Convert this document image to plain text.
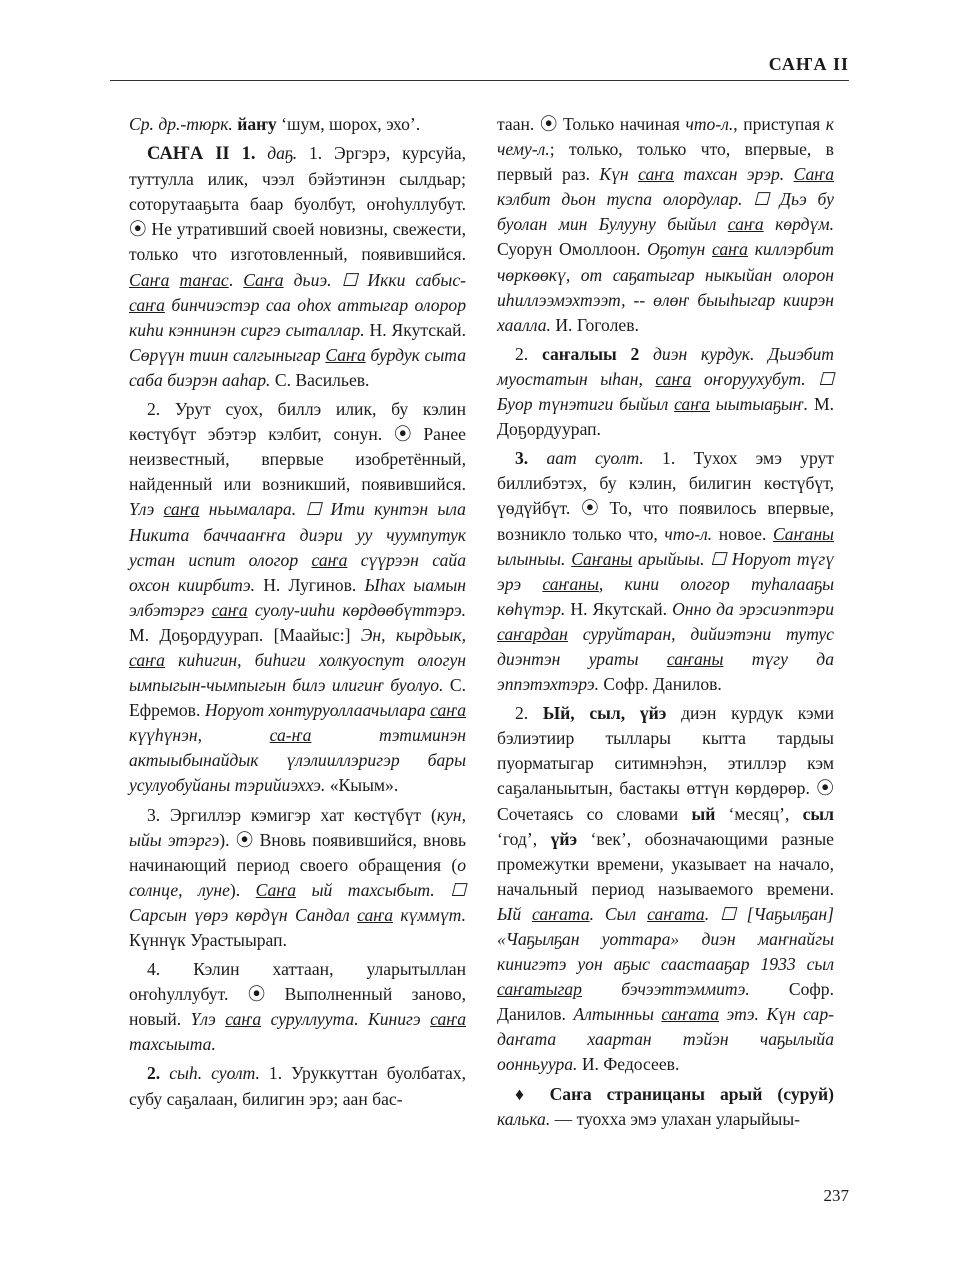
САҤА II

Ср. др.-тюрк. йаҥу ‘шум, шорох, эхо’.

САҤА II 1. даҕ. 1. Эргэрэ, курсуйа, туттулла илик, чээл бэйэтинэн сылдьар; соторутааҕыта баар буолбут, оҥоһуллубут. ⦿ Не утративший своей новизны, свежести, только что изготовленный, появившийся. Саҥа таҥас. Саҥа дьиэ. ☐ Икки сабыс-саҥа бинчиэстэр саа оһох аттыгар олорор киһи кэннинэн сиргэ сыталлар. Н. Якутскай. Сөрүүн тиин салгыныгар Саҥа бурдук сыта саба биэрэн ааһар. С. Васильев.

2. Урут суох, биллэ илик, бу кэлин көстүбүт эбэтэр кэлбит, сонун. ⦿ Ранее неизвестный, впервые изобретённый, найденный или возникший, появившийся. Үлэ саҥа ньымалара. ☐ Ити кунтэн ыла Никита баччааҥҥа диэри уу чуумпутук устан испит ологор саҥа сүүрээн сайа охсон киирбитэ. Н. Лугинов. Ыһах ыамын элбэтэргэ саҥа суолу-ииһи көрдөөбүттэрэ. М. Доҕордуурап. [Маайыс:] Эн, кырдьык, саҥа киһигин, биһиги холкуоспут ологун ымпыгын-чымпыгын билэ илигиҥ буолуо. С. Ефремов. Норуот хонтуруоллаачылара саҥа күүһүнэн, са-ҥа тэтиминэн актыыбынайдык үлэлииллэригэр бары усулуобуйаны тэрийиэххэ. «Кыым».

3. Эргиллэр кэмигэр хат көстүбүт (кун, ыйы этэргэ). ⦿ Вновь появившийся, вновь начинающий период своего обращения (о солнце, луне). Саҥа ый тахсыбыт. ☐ Сарсын үөрэ көрдүн Сандал саҥа күммүт. Күннүк Урастыырап.

4. Кэлин хаттаан, уларытыллан оҥоһуллубут. ⦿ Выполненный заново, новый. Үлэ саҥа суруллуута. Кинигэ саҥа тахсыыта.

2. сыһ. суолт. 1. Уруккуттан буолбатах, субу саҕалаан, билигин эрэ; аан бас-

таан. ⦿ Только начиная что-л., приступая к чему-л.; только, только что, впервые, в первый раз. Күн саҥа тахсан эрэр. Саҥа кэлбит дьон туспа олордулар. ☐ Дьэ бу буолан мин Булууну быйыл саҥа көрдүм. Суорун Омоллоон. Оҕотун саҥа киллэрбит чөркөөкү, от саҕатыгар ныкыйан олорон иһиллээмэхтээт, -- өлөҥ быыһыгар киирэн хаалла. И. Гоголев.

2. саҥалыы 2 диэн курдук. Дьиэбит муостатын ыһан, саҥа оҥоруухубут. ☐ Буор түнэтиги быйыл саҥа ыытыаҕыҥ. М. Доҕордуурап.

3. аат суолт. 1. Тухох эмэ урут биллибэтэх, бу кэлин, билигин көстүбүт, үөдүйбүт. ⦿ То, что появилось впервые, возникло только что, что-л. новое. Саҥаны ылыныы. Саҥаны арыйыы. ☐ Норуот түгү эрэ саҥаны, кини ологор туһалааҕы көһүтэр. Н. Якутскай. Онно да эрэсиэптэри саҥардан суруйтаран, дийиэтэни тутус диэнтэн ураты саҥаны түгу да эппэтэхтэрэ. Софр. Данилов.

2. Ый, сыл, үйэ диэн курдук кэми бэлиэтиир тыллары кытта тардыы пуорматыгар ситимнэһэн, этиллэр кэм саҕаланыытын, бастакы өттүн көрдөрөр. ⦿ Сочетаясь со словами ый ‘месяц’, сыл ‘год’, үйэ ‘век’, обозначающими разные промежутки времени, указывает на начало, начальный период называемого времени. Ый саҥата. Сыл саҥата. ☐ [Чаҕылҕан] «Чаҕылҕан уоттара» диэн маҥнайгы кинигэтэ уон аҕыс саастааҕар 1933 сыл саҥатыгар бэчээттэммитэ. Софр. Данилов. Алтынньы саҥата этэ. Күн сар-даҥата хаартан тэйэн чаҕылыйа оонньуура. И. Федосеев.

♦ Саҥа страницаны арый (суруй) калька. — туохха эмэ улахан уларыйыы-

237
